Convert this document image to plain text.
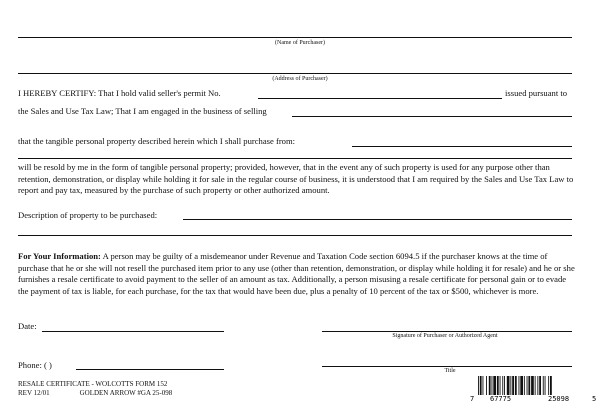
(Name of Purchaser)
(Address of Purchaser)
I HEREBY CERTIFY: That I hold valid seller's permit No.	issued pursuant to
the Sales and Use Tax Law; That I am engaged in the business of selling
that the tangible personal property described herein which I shall purchase from:
will be resold by me in the form of tangible personal property; provided, however, that in the event any of such property is used for any purpose other than retention, demonstration, or display while holding it for sale in the regular course of business, it is understood that I am required by the Sales and Use Tax Law to report and pay tax, measured by the purchase of such property or other authorized amount.
Description of property to be purchased:
For Your Information: A person may be guilty of a misdemeanor under Revenue and Taxation Code section 6094.5 if the purchaser knows at the time of purchase that he or she will not resell the purchased item prior to any use (other than retention, demonstration, or display while holding it for resale) and he or she furnishes a resale certificate to avoid payment to the seller of an amount as tax. Additionally, a person misusing a resale certificate for personal gain or to evade the payment of tax is liable, for each purchase, for the tax that would have been due, plus a penalty of 10 percent of the tax or $500, whichever is more.
Date:
Signature of Purchaser or Authorized Agent
Phone: ( )
Title
RESALE CERTIFICATE - WOLCOTTS FORM 152
REV 12/01	GOLDEN ARROW #GA 25-098
7 67775	25098	5
